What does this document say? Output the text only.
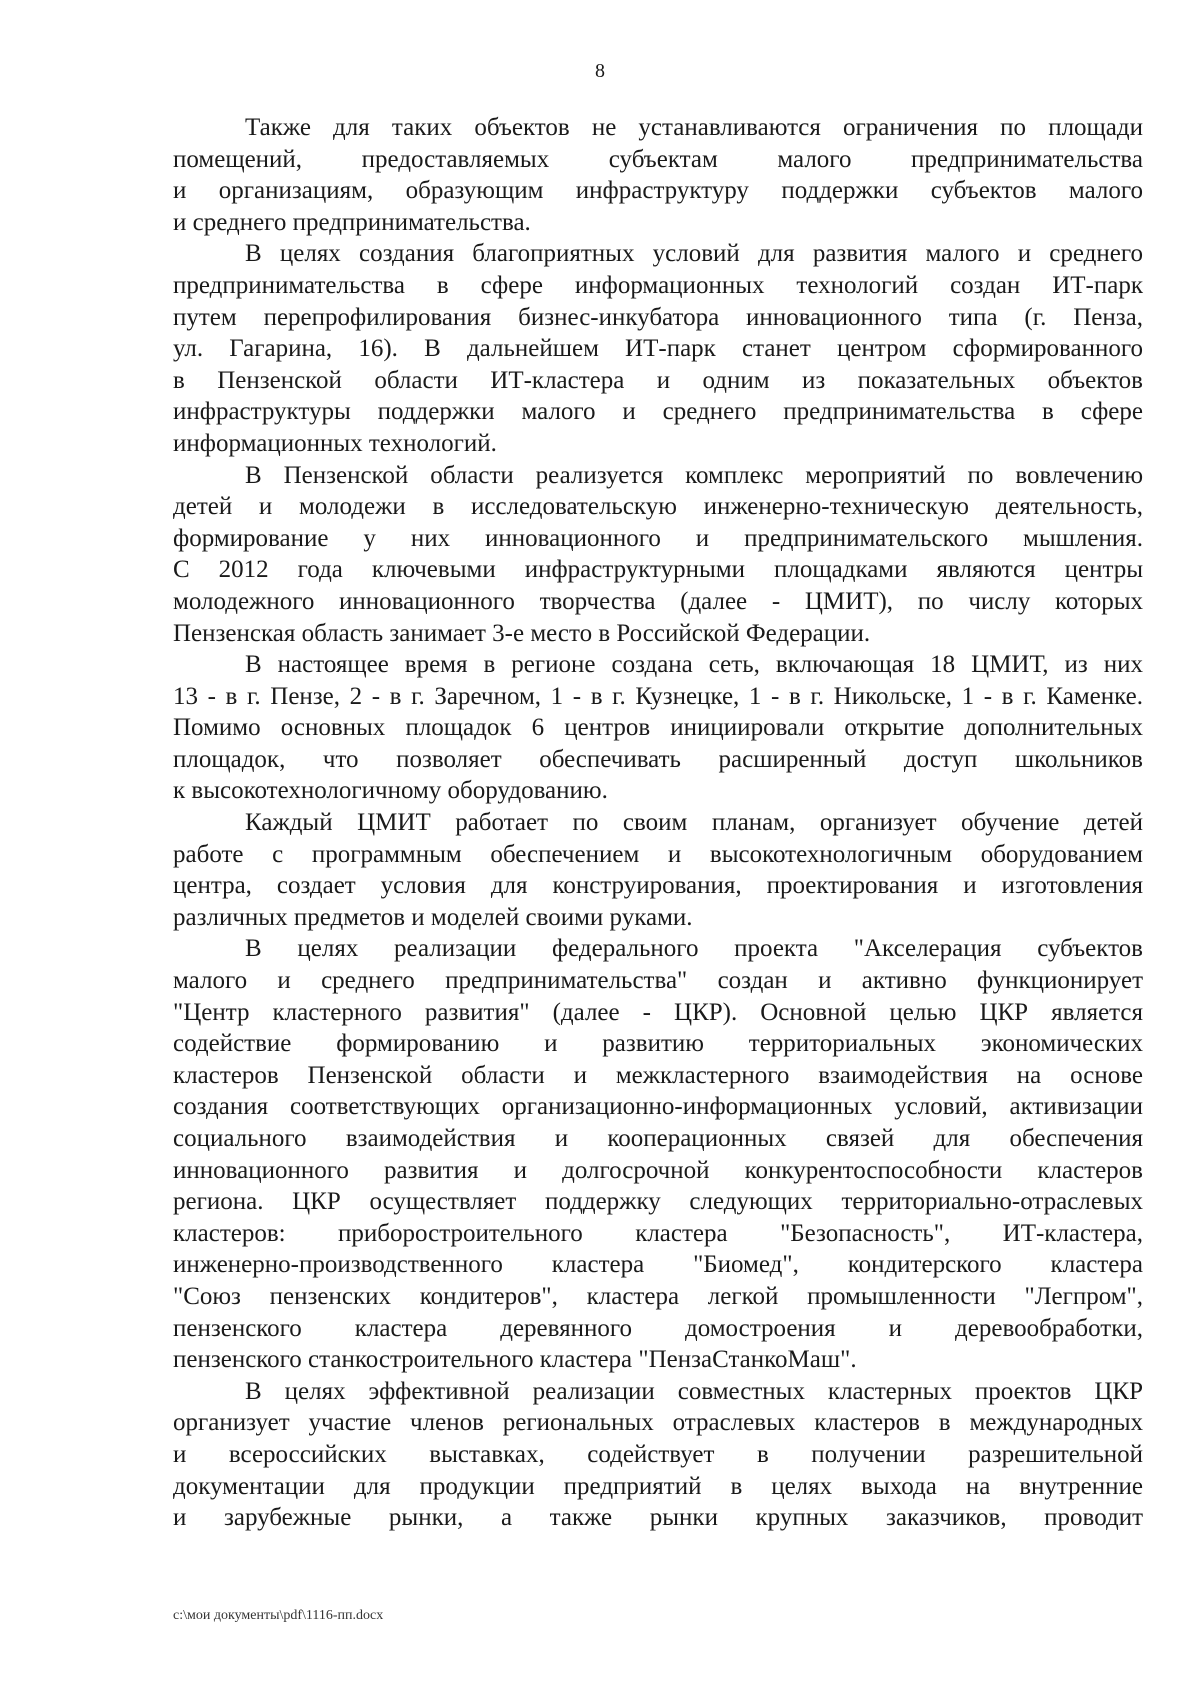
8
Также для таких объектов не устанавливаются ограничения по площади
помещений, предоставляемых субъектам малого предпринимательства
и организациям, образующим инфраструктуру поддержки субъектов малого
и среднего предпринимательства.
В целях создания благоприятных условий для развития малого и среднего
предпринимательства в сфере информационных технологий создан ИТ-парк
путем перепрофилирования бизнес-инкубатора инновационного типа (г. Пенза,
ул. Гагарина, 16). В дальнейшем ИТ-парк станет центром сформированного
в Пензенской области ИТ-кластера и одним из показательных объектов
инфраструктуры поддержки малого и среднего предпринимательства в сфере
информационных технологий.
В Пензенской области реализуется комплекс мероприятий по вовлечению
детей и молодежи в исследовательскую инженерно-техническую деятельность,
формирование у них инновационного и предпринимательского мышления.
С 2012 года ключевыми инфраструктурными площадками являются центры
молодежного инновационного творчества (далее - ЦМИТ), по числу которых
Пензенская область занимает 3-е место в Российской Федерации.
В настоящее время в регионе создана сеть, включающая 18 ЦМИТ, из них
13 - в г. Пензе, 2 - в г. Заречном, 1 - в г. Кузнецке, 1 - в г. Никольске, 1 - в г. Каменке.
Помимо основных площадок 6 центров инициировали открытие дополнительных
площадок, что позволяет обеспечивать расширенный доступ школьников
к высокотехнологичному оборудованию.
Каждый ЦМИТ работает по своим планам, организует обучение детей
работе с программным обеспечением и высокотехнологичным оборудованием
центра, создает условия для конструирования, проектирования и изготовления
различных предметов и моделей своими руками.
В целях реализации федерального проекта "Акселерация субъектов
малого и среднего предпринимательства" создан и активно функционирует
"Центр кластерного развития" (далее - ЦКР). Основной целью ЦКР является
содействие формированию и развитию территориальных экономических
кластеров Пензенской области и межкластерного взаимодействия на основе
создания соответствующих организационно-информационных условий, активизации
социального взаимодействия и кооперационных связей для обеспечения
инновационного развития и долгосрочной конкурентоспособности кластеров
региона. ЦКР осуществляет поддержку следующих территориально-отраслевых
кластеров: приборостроительного кластера "Безопасность", ИТ-кластера,
инженерно-производственного кластера "Биомед", кондитерского кластера
"Союз пензенских кондитеров", кластера легкой промышленности "Легпром",
пензенского кластера деревянного домостроения и деревообработки,
пензенского станкостроительного кластера "ПензаСтанкоМаш".
В целях эффективной реализации совместных кластерных проектов ЦКР
организует участие членов региональных отраслевых кластеров в международных
и всероссийских выставках, содействует в получении разрешительной
документации для продукции предприятий в целях выхода на внутренние
и зарубежные рынки, а также рынки крупных заказчиков, проводит
c:\мои документы\pdf\1116-пп.docx
